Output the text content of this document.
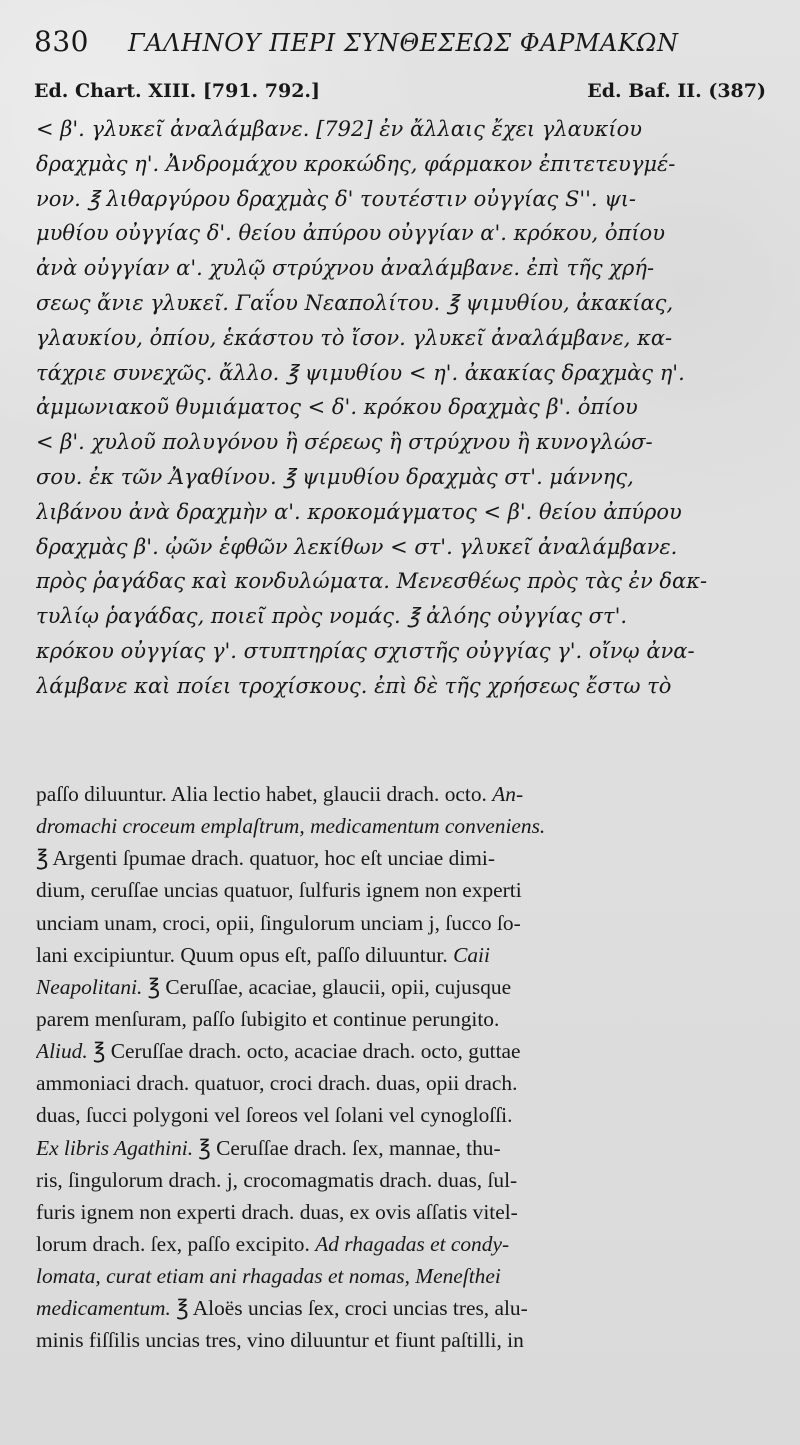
830 ΓΑΛΗΝΟΥ ΠΕΡΙ ΣΥΝΘΕΣΕΩΣ ΦΑΡΜΑΚΩΝ
Ed. Chart. XIII. [791. 792.]	Ed. Baf. II. (387)
< β'. γλυκεῖ ἀναλάμβανε. [792] ἐν ἄλλαις ἔχει γλαυκίου
δραχμὰς η'. Ἀνδρομάχου κροκώδης, φάρμακον ἐπιτετευγμέ-
νον. ℥ λιθαργύρου δραχμὰς δ' τουτέστιν οὐγγίας S''. ψι-
μυθίου οὐγγίας δ'. θείου ἀπύρου οὐγγίαν α'. κρόκου, ὀπίου
ἀνὰ οὐγγίαν α'. χυλῷ στρύχνου ἀναλάμβανε. ἐπὶ τῆς χρή-
σεως ἄνιε γλυκεῖ. Γαΐου Νεαπολίτου. ℥ ψιμυθίου, ἀκακίας,
γλαυκίου, ὀπίου, ἑκάστου τὸ ἴσον. γλυκεῖ ἀναλάμβανε, κα-
τάχριε συνεχῶς. ἄλλο. ℥ ψιμυθίου < η'. ἀκακίας δραχμὰς η'.
ἀμμωνιακοῦ θυμιάματος < δ'. κρόκου δραχμὰς β'. ὀπίου
< β'. χυλοῦ πολυγόνου ἢ σέρεως ἢ στρύχνου ἢ κυνογλώσ-
σου. ἐκ τῶν Ἀγαθίνου. ℥ ψιμυθίου δραχμὰς στ'. μάννης,
λιβάνου ἀνὰ δραχμὴν α'. κροκομάγματος < β'. θείου ἀπύρου
δραχμὰς β'. ᾠῶν ἑφθῶν λεκίθων < στ'. γλυκεῖ ἀναλάμβανε.
πρὸς ῥαγάδας καὶ κονδυλώματα. Μενεσθέως πρὸς τὰς ἐν δακ-
τυλίῳ ῥαγάδας, ποιεῖ πρὸς νομάς. ℥ ἀλόης οὐγγίας στ'.
κρόκου οὐγγίας γ'. στυπτηρίας σχιστῆς οὐγγίας γ'. οἴνῳ ἀνα-
λάμβανε καὶ ποίει τροχίσκους. ἐπὶ δὲ τῆς χρήσεως ἔστω τὸ
paſſo diluuntur. Alia lectio habet, glaucii drach. octo. An-
dromachi croceum emplaſtrum, medicamentum conveniens.
℥ Argenti ſpumae drach. quatuor, hoc eſt unciae dimi-
dium, ceruſſae uncias quatuor, ſulfuris ignem non experti
unciam unam, croci, opii, ſingulorum unciam j, ſucco ſo-
lani excipiuntur. Quum opus eſt, paſſo diluuntur. Caii
Neapolitani. ℥ Ceruſſae, acaciae, glaucii, opii, cujusque
parem menſuram, paſſo ſubigito et continue perungito.
Aliud. ℥ Ceruſſae drach. octo, acaciae drach. octo, guttae
ammoniaci drach. quatuor, croci drach. duas, opii drach.
duas, ſucci polygoni vel ſoreos vel ſolani vel cynogloſſi.
Ex libris Agathini. ℥ Ceruſſae drach. ſex, mannae, thu-
ris, ſingulorum drach. j, crocomagmatis drach. duas, ſul-
furis ignem non experti drach. duas, ex ovis aſſatis vitel-
lorum drach. ſex, paſſo excipito. Ad rhagadas et condy-
lomata, curat etiam ani rhagadas et nomas, Meneſthei
medicamentum. ℥ Aloës uncias ſex, croci uncias tres, alu-
minis fiſſilis uncias tres, vino diluuntur et fiunt paſtilli, in
